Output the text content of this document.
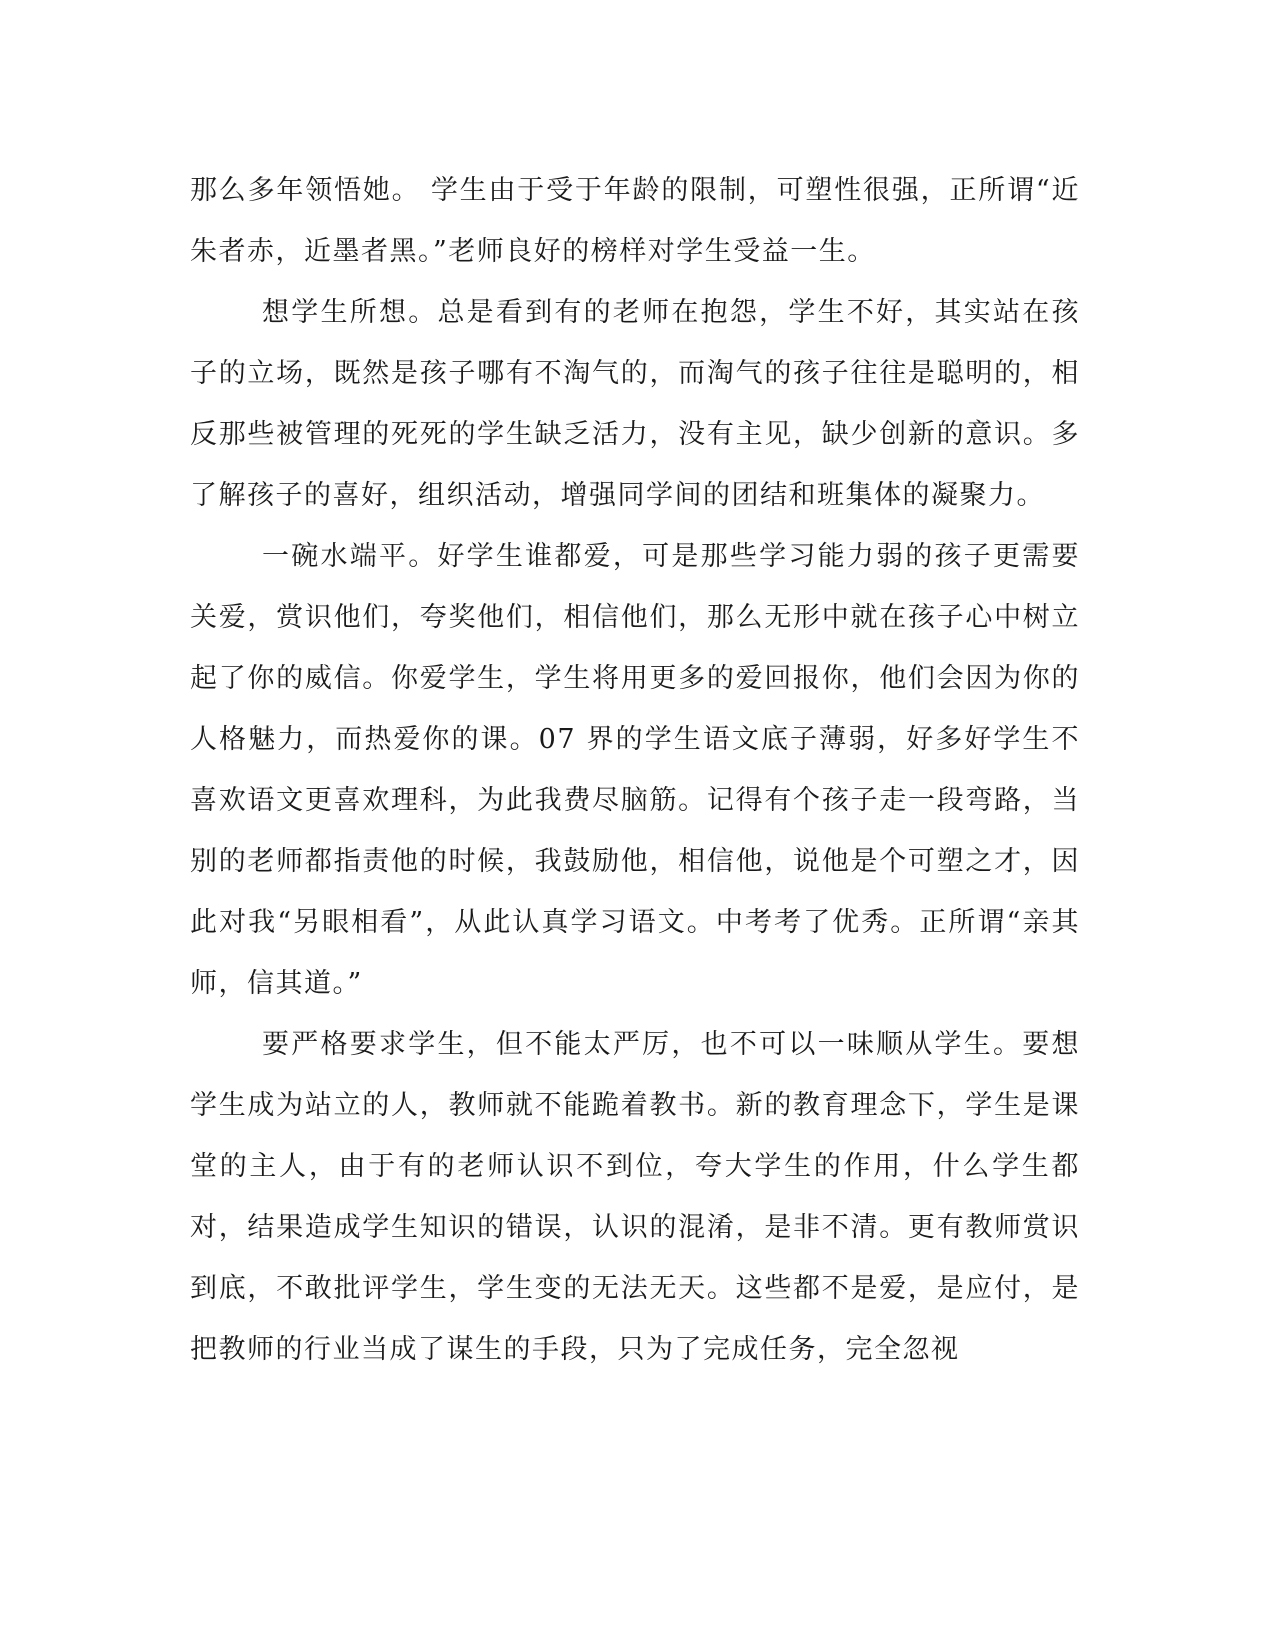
那么多年领悟她。 学生由于受于年龄的限制，可塑性很强，正所谓“近朱者赤，近墨者黑。”老师良好的榜样对学生受益一生。

想学生所想。总是看到有的老师在抱怨，学生不好，其实站在孩子的立场，既然是孩子哪有不淘气的，而淘气的孩子往往是聪明的，相反那些被管理的死死的学生缺乏活力，没有主见，缺少创新的意识。多了解孩子的喜好，组织活动，增强同学间的团结和班集体的凝聚力。

一碗水端平。好学生谁都爱，可是那些学习能力弱的孩子更需要关爱，赏识他们，夸奖他们，相信他们，那么无形中就在孩子心中树立起了你的威信。你爱学生，学生将用更多的爱回报你，他们会因为你的人格魅力，而热爱你的课。07 界的学生语文底子薄弱，好多好学生不喜欢语文更喜欢理科，为此我费尽脑筋。记得有个孩子走一段弯路，当别的老师都指责他的时候，我鼓励他，相信他，说他是个可塑之才，因此对我“另眼相看”，从此认真学习语文。中考考了优秀。正所谓“亲其师，信其道。”

要严格要求学生，但不能太严厉，也不可以一味顺从学生。要想学生成为站立的人，教师就不能跪着教书。新的教育理念下，学生是课堂的主人，由于有的老师认识不到位，夸大学生的作用，什么学生都对，结果造成学生知识的错误，认识的混淆，是非不清。更有教师赏识到底，不敢批评学生，学生变的无法无天。这些都不是爱，是应付，是把教师的行业当成了谋生的手段，只为了完成任务，完全忽视
